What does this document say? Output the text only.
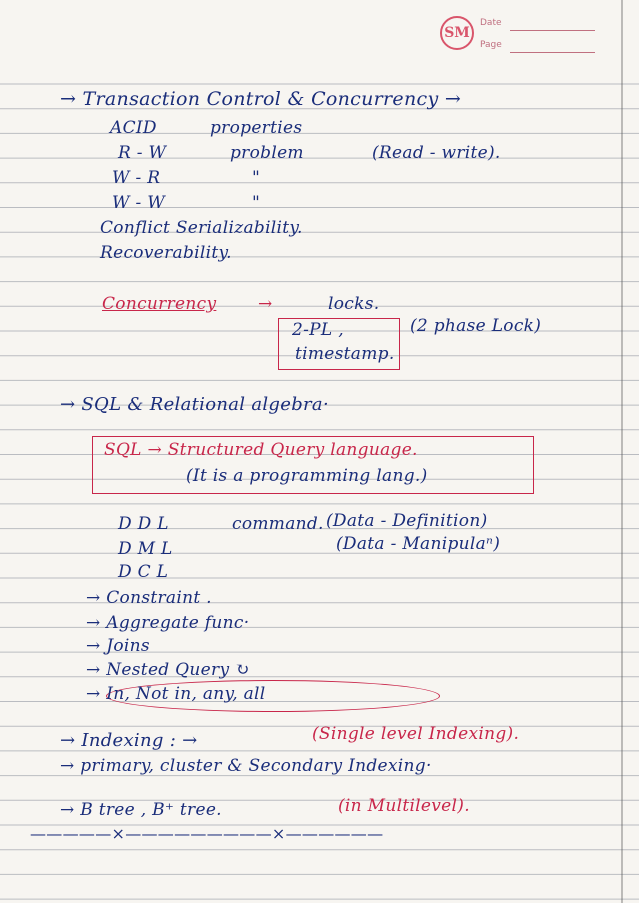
SM
Date
Page
→ Transaction Control & Concurrency →
ACID	properties
R - W	problem	(Read - write).
W - R	"
W - W	"
Conflict Serializability.
Recoverability.
Concurrency →	locks.
2-PL ,	(2 phase Lock)
timestamp.
→ SQL & Relational algebra·
SQL → Structured Query language.
(It is a programming lang.)
D D L	command. (Data - Definition)
D M L	(Data - Manipulaⁿ)
D C L
→ Constraint .
→ Aggregate func·
→ Joins
→ Nested Query ↻
→ In, Not in, any, all
→ Indexing : →	(Single level Indexing).
→ primary, cluster & Secondary Indexing·
→ B tree , B⁺ tree.	(in Multilevel).
—————×—————————×——————
